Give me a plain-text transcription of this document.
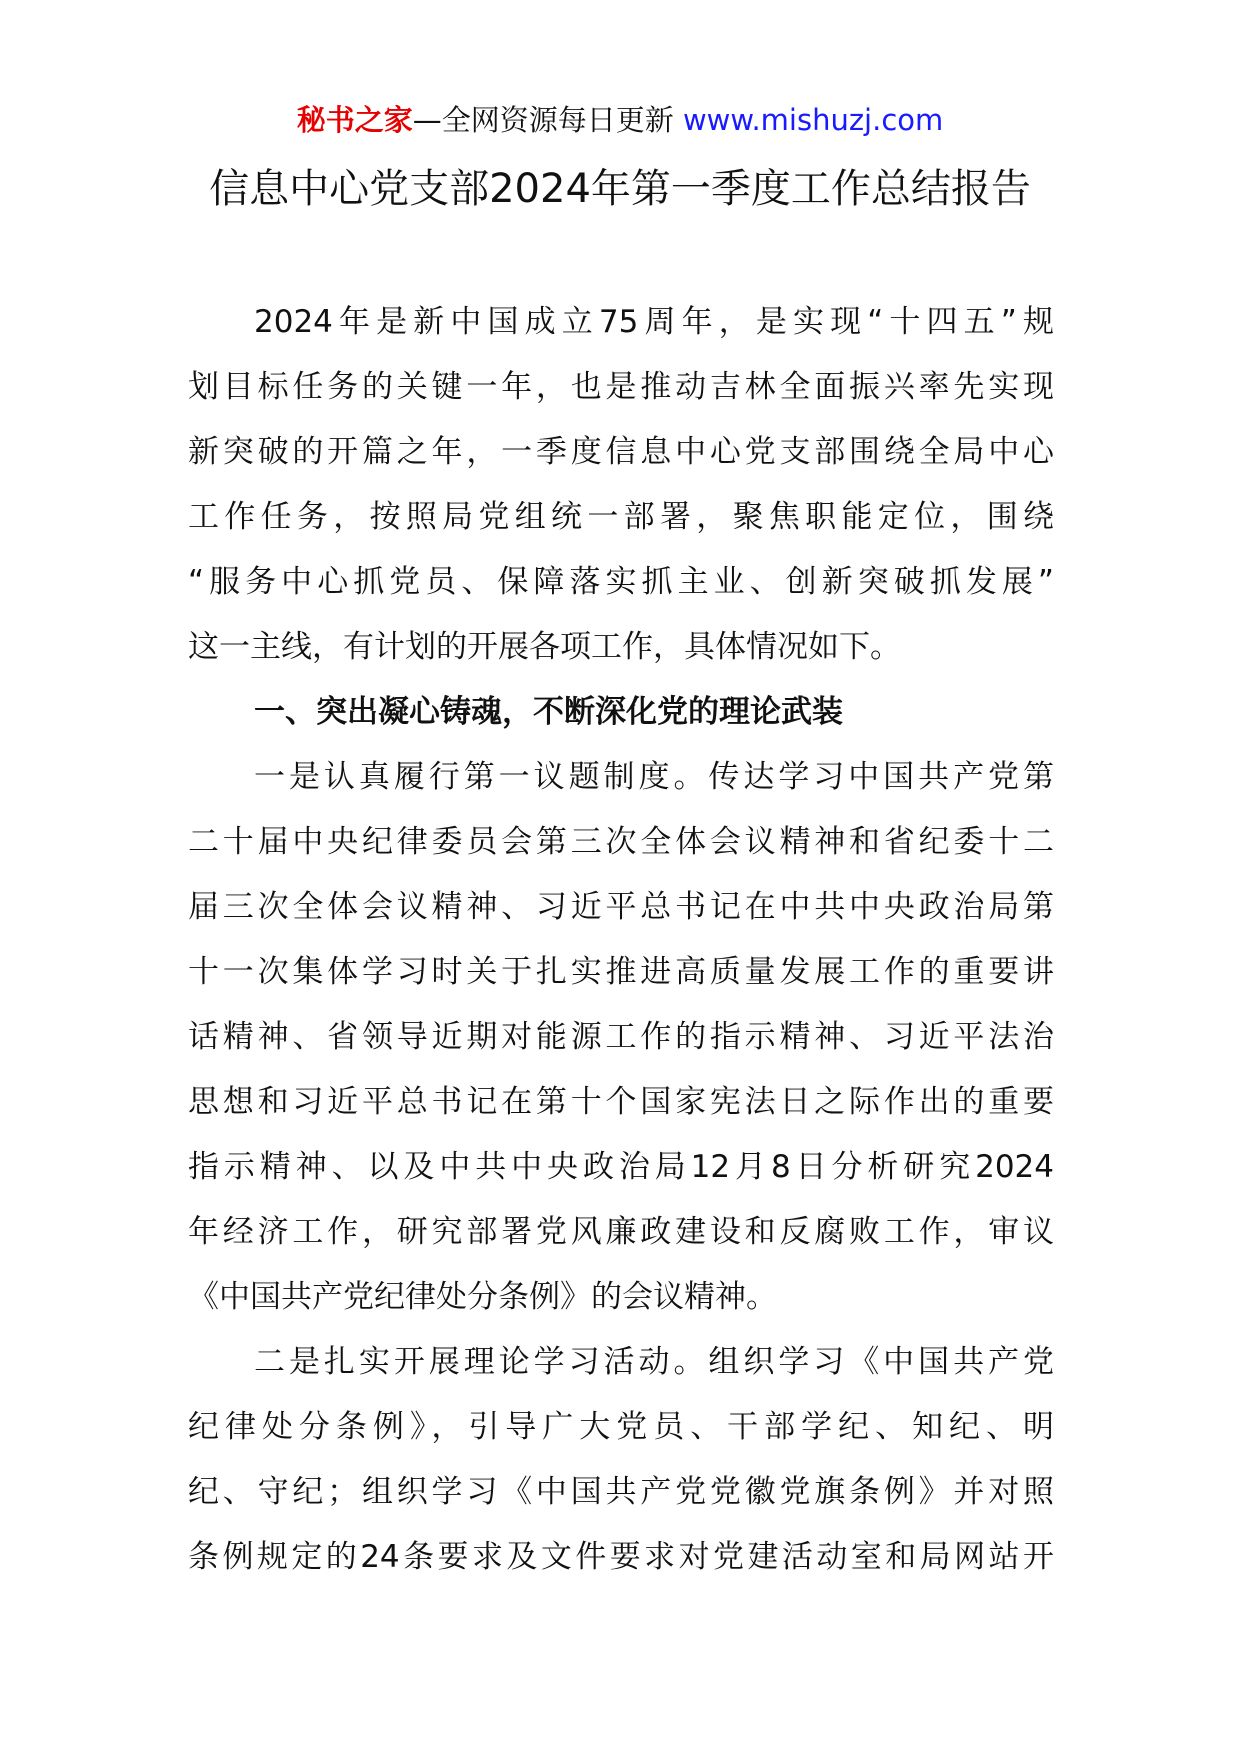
秘书之家—全网资源每日更新 www.mishuzj.com
信息中心党支部2024年第一季度工作总结报告
2024年是新中国成立75周年，是实现“十四五”规
划目标任务的关键一年，也是推动吉林全面振兴率先实现
新突破的开篇之年，一季度信息中心党支部围绕全局中心
工作任务，按照局党组统一部署，聚焦职能定位，围绕
“服务中心抓党员、保障落实抓主业、创新突破抓发展”
这一主线，有计划的开展各项工作，具体情况如下。
一、突出凝心铸魂，不断深化党的理论武装
一是认真履行第一议题制度。传达学习中国共产党第
二十届中央纪律委员会第三次全体会议精神和省纪委十二
届三次全体会议精神、习近平总书记在中共中央政治局第
十一次集体学习时关于扎实推进高质量发展工作的重要讲
话精神、省领导近期对能源工作的指示精神、习近平法治
思想和习近平总书记在第十个国家宪法日之际作出的重要
指示精神、以及中共中央政治局12月8日分析研究2024
年经济工作，研究部署党风廉政建设和反腐败工作，审议
《中国共产党纪律处分条例》的会议精神。
二是扎实开展理论学习活动。组织学习《中国共产党
纪律处分条例》，引导广大党员、干部学纪、知纪、明
纪、守纪；组织学习《中国共产党党徽党旗条例》并对照
条例规定的24条要求及文件要求对党建活动室和局网站开
